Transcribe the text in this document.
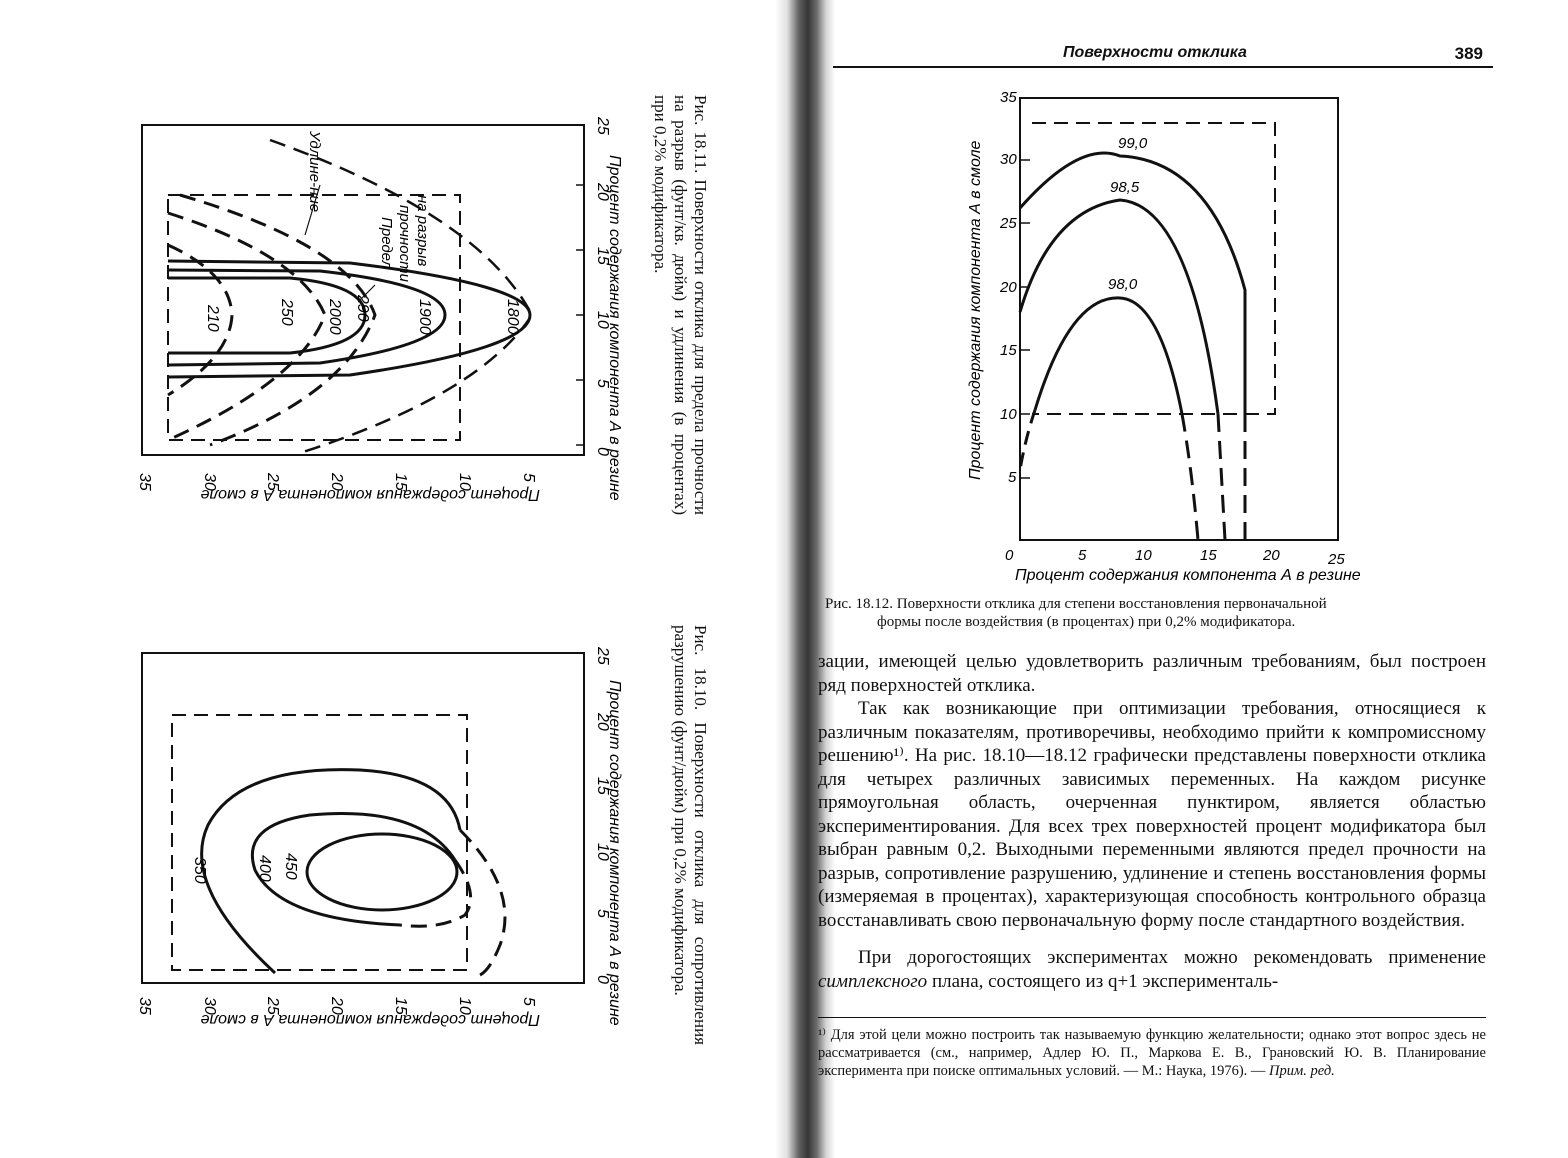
35	30	25	20	15	10	5
0
5
10
15
20
25
210	250 2000 290	1900	1800
Удлине-ние
Предел прочности на разрыв	Процент содержания компонента А в резине
Процент содержания компонента А в смоле	Рис. 18.11. Поверхности отклика для предела прочности на разрыв (фунт/кв. дюйм) и удлинения (в процентах) при 0,2% модификатора.
350	400 450
35	30	25	20	15	10	5
0
5
10
15
20
25
Процент содержания компонента А в резине
Процент содержания компонента А в смоле	Рис. 18.10. Поверхности отклика для сопротивления разрушению (фунт/дюйм) при 0,2% модификатора.
Поверхности отклика	389
35
30
25
20
15
10
5
0	5	10	15	20	25
99,0
98,5
98,0
Процент содержания компонента А в резине
Процент содержания компонента А в смоле
Рис. 18.12. Поверхности отклика для степени восстановления первоначальной
формы после воздействия (в процентах) при 0,2% модификатора.

зации, имеющей целью удовлетворить различным требованиям, был построен ряд поверхностей отклика.

Так как возникающие при оптимизации требования, относящиеся к различным показателям, противоречивы, необходимо прийти к компромиссному решению¹⁾. На рис. 18.10—18.12 графически представлены поверхности отклика для четырех различных зависимых переменных. На каждом рисунке прямоугольная область, очерченная пунктиром, является областью экспериментирования. Для всех трех поверхностей процент модификатора был выбран равным 0,2. Выходными переменными являются предел прочности на разрыв, сопротивление разрушению, удлинение и степень восстановления формы (измеряемая в процентах), характеризующая способность контрольного образца восстанавливать свою первоначальную форму после стандартного воздействия.

При дорогостоящих экспериментах можно рекомендовать применение симплексного плана, состоящего из q+1 эксперименталь-

¹⁾ Для этой цели можно построить так называемую функцию желательности; однако этот вопрос здесь не рассматривается (см., например, Адлер Ю. П., Маркова Е. В., Грановский Ю. В. Планирование эксперимента при поиске оптимальных условий. — М.: Наука, 1976). — Прим. ред.
